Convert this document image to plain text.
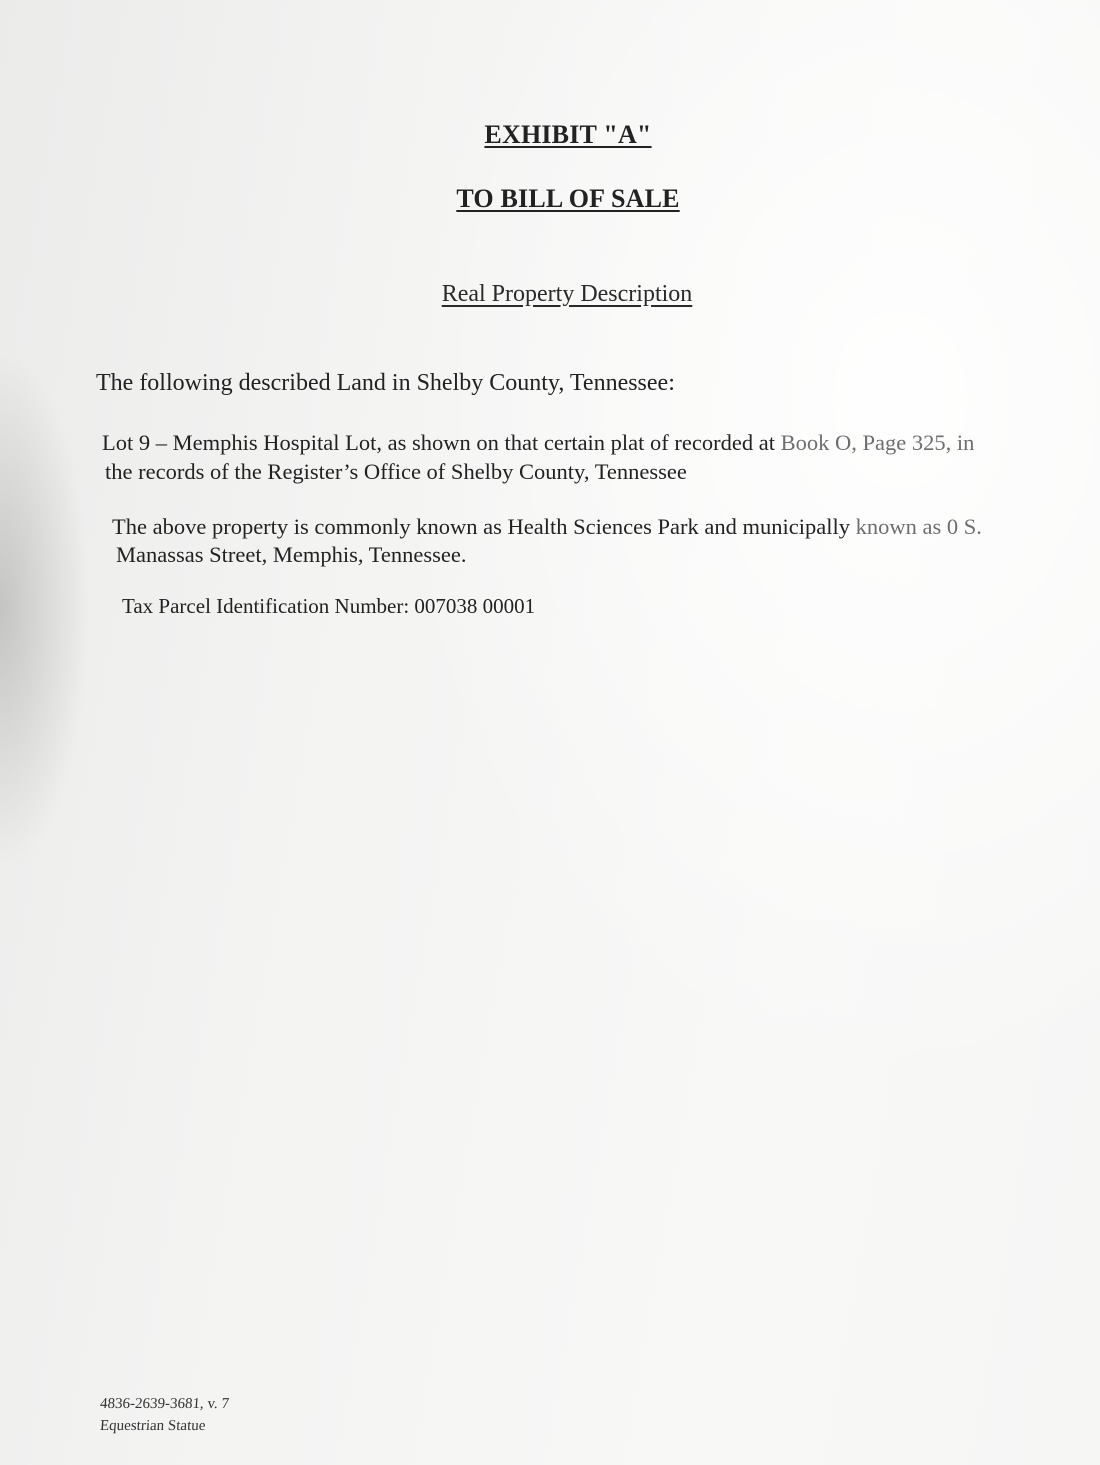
EXHIBIT "A"
TO BILL OF SALE
Real Property Description
The following described Land in Shelby County, Tennessee:
Lot 9 – Memphis Hospital Lot, as shown on that certain plat of recorded at Book O, Page 325, in
the records of the Register’s Office of Shelby County, Tennessee
The above property is commonly known as Health Sciences Park and municipally known as 0 S.
Manassas Street, Memphis, Tennessee.
Tax Parcel Identification Number: 007038 00001
4836-2639-3681, v. 7
Equestrian Statue
